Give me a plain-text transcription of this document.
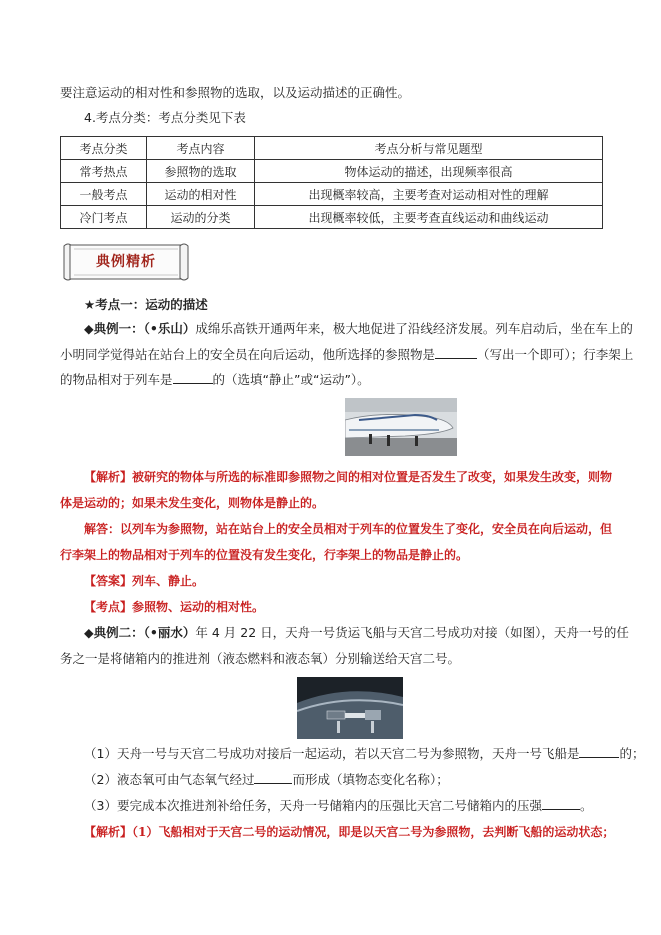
要注意运动的相对性和参照物的选取，以及运动描述的正确性。
4.考点分类：考点分类见下表
考点分类	考点内容	考点分析与常见题型
常考热点	参照物的选取	物体运动的描述，出现频率很高
一般考点	运动的相对性	出现概率较高，主要考查对运动相对性的理解
冷门考点	运动的分类	出现概率较低，主要考查直线运动和曲线运动
典例精析
★考点一：运动的描述
◆典例一：（•乐山）成绵乐高铁开通两年来，极大地促进了沿线经济发展。列车启动后，坐在车上的
小明同学觉得站在站台上的安全员在向后运动，他所选择的参照物是	（写出一个即可）；行李架上
的物品相对于列车是	的（选填“静止”或“运动”）。
【解析】被研究的物体与所选的标准即参照物之间的相对位置是否发生了改变，如果发生改变，则物
体是运动的；如果未发生变化，则物体是静止的。
解答：以列车为参照物，站在站台上的安全员相对于列车的位置发生了变化，安全员在向后运动，但
行李架上的物品相对于列车的位置没有发生变化，行李架上的物品是静止的。
【答案】列车、静止。
【考点】参照物、运动的相对性。
◆典例二：（•丽水）年 4 月 22 日，天舟一号货运飞船与天宫二号成功对接（如图），天舟一号的任
务之一是将储箱内的推进剂（液态燃料和液态氧）分别输送给天宫二号。
（1）天舟一号与天宫二号成功对接后一起运动，若以天宫二号为参照物，天舟一号飞船是	的；
（2）液态氧可由气态氧气经过	而形成（填物态变化名称）；
（3）要完成本次推进剂补给任务，天舟一号储箱内的压强比天宫二号储箱内的压强	。
【解析】（1）飞船相对于天宫二号的运动情况，即是以天宫二号为参照物，去判断飞船的运动状态；
